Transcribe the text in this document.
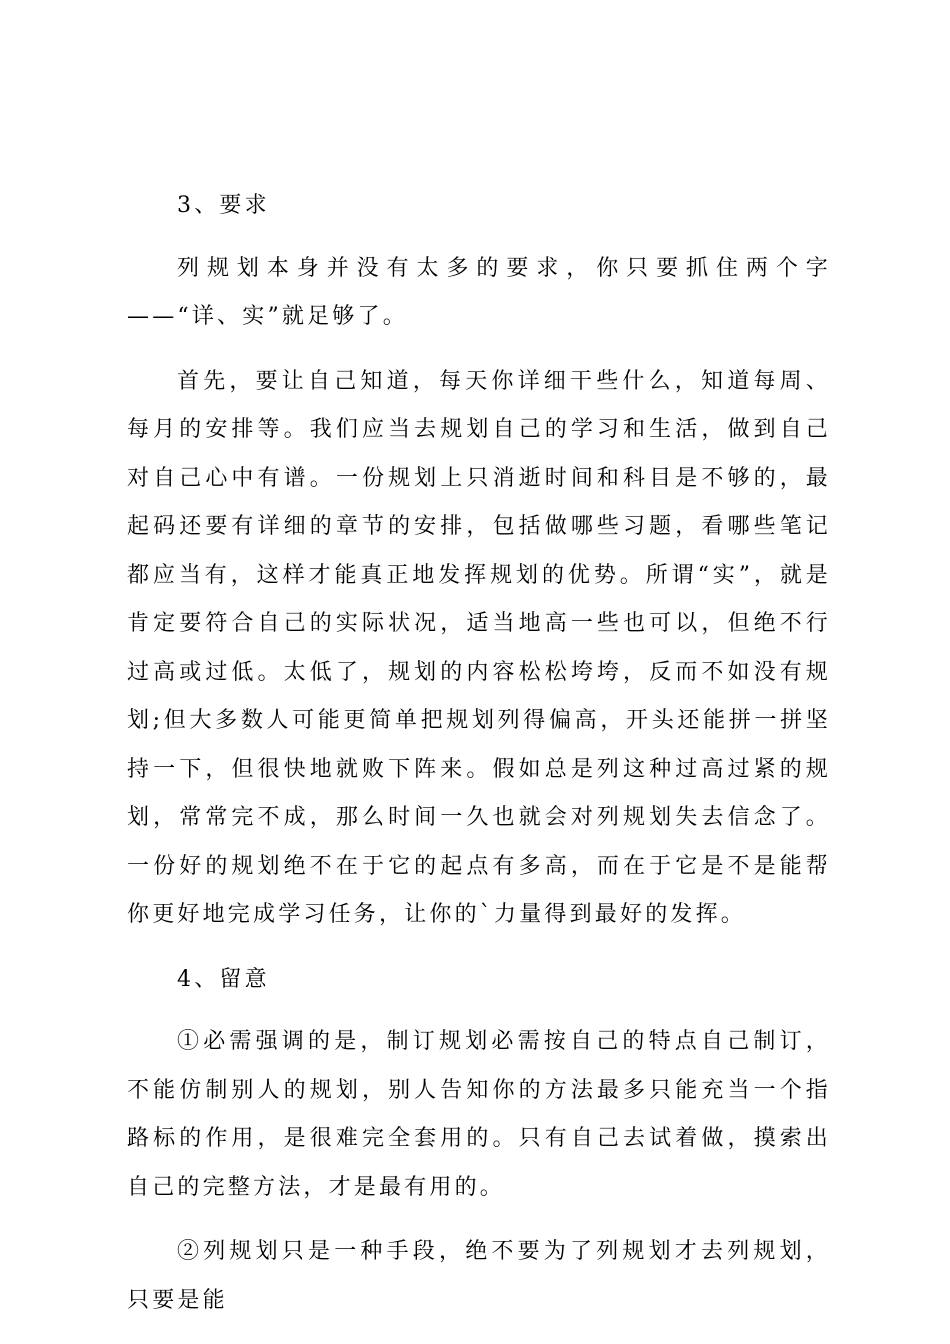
3、要求

列规划本身并没有太多的要求，你只要抓住两个字——“详、实”就足够了。

首先，要让自己知道，每天你详细干些什么，知道每周、每月的安排等。我们应当去规划自己的学习和生活，做到自己对自己心中有谱。一份规划上只消逝时间和科目是不够的，最起码还要有详细的章节的安排，包括做哪些习题，看哪些笔记都应当有，这样才能真正地发挥规划的优势。所谓“实”，就是肯定要符合自己的实际状况，适当地高一些也可以，但绝不行过高或过低。太低了，规划的内容松松垮垮，反而不如没有规划;但大多数人可能更简单把规划列得偏高，开头还能拼一拼坚持一下，但很快地就败下阵来。假如总是列这种过高过紧的规划，常常完不成，那么时间一久也就会对列规划失去信念了。一份好的规划绝不在于它的起点有多高，而在于它是不是能帮你更好地完成学习任务，让你的`力量得到最好的发挥。

4、留意

①必需强调的是，制订规划必需按自己的特点自己制订，不能仿制别人的规划，别人告知你的方法最多只能充当一个指路标的作用，是很难完全套用的。只有自己去试着做，摸索出自己的完整方法，才是最有用的。

②列规划只是一种手段，绝不要为了列规划才去列规划，只要是能
